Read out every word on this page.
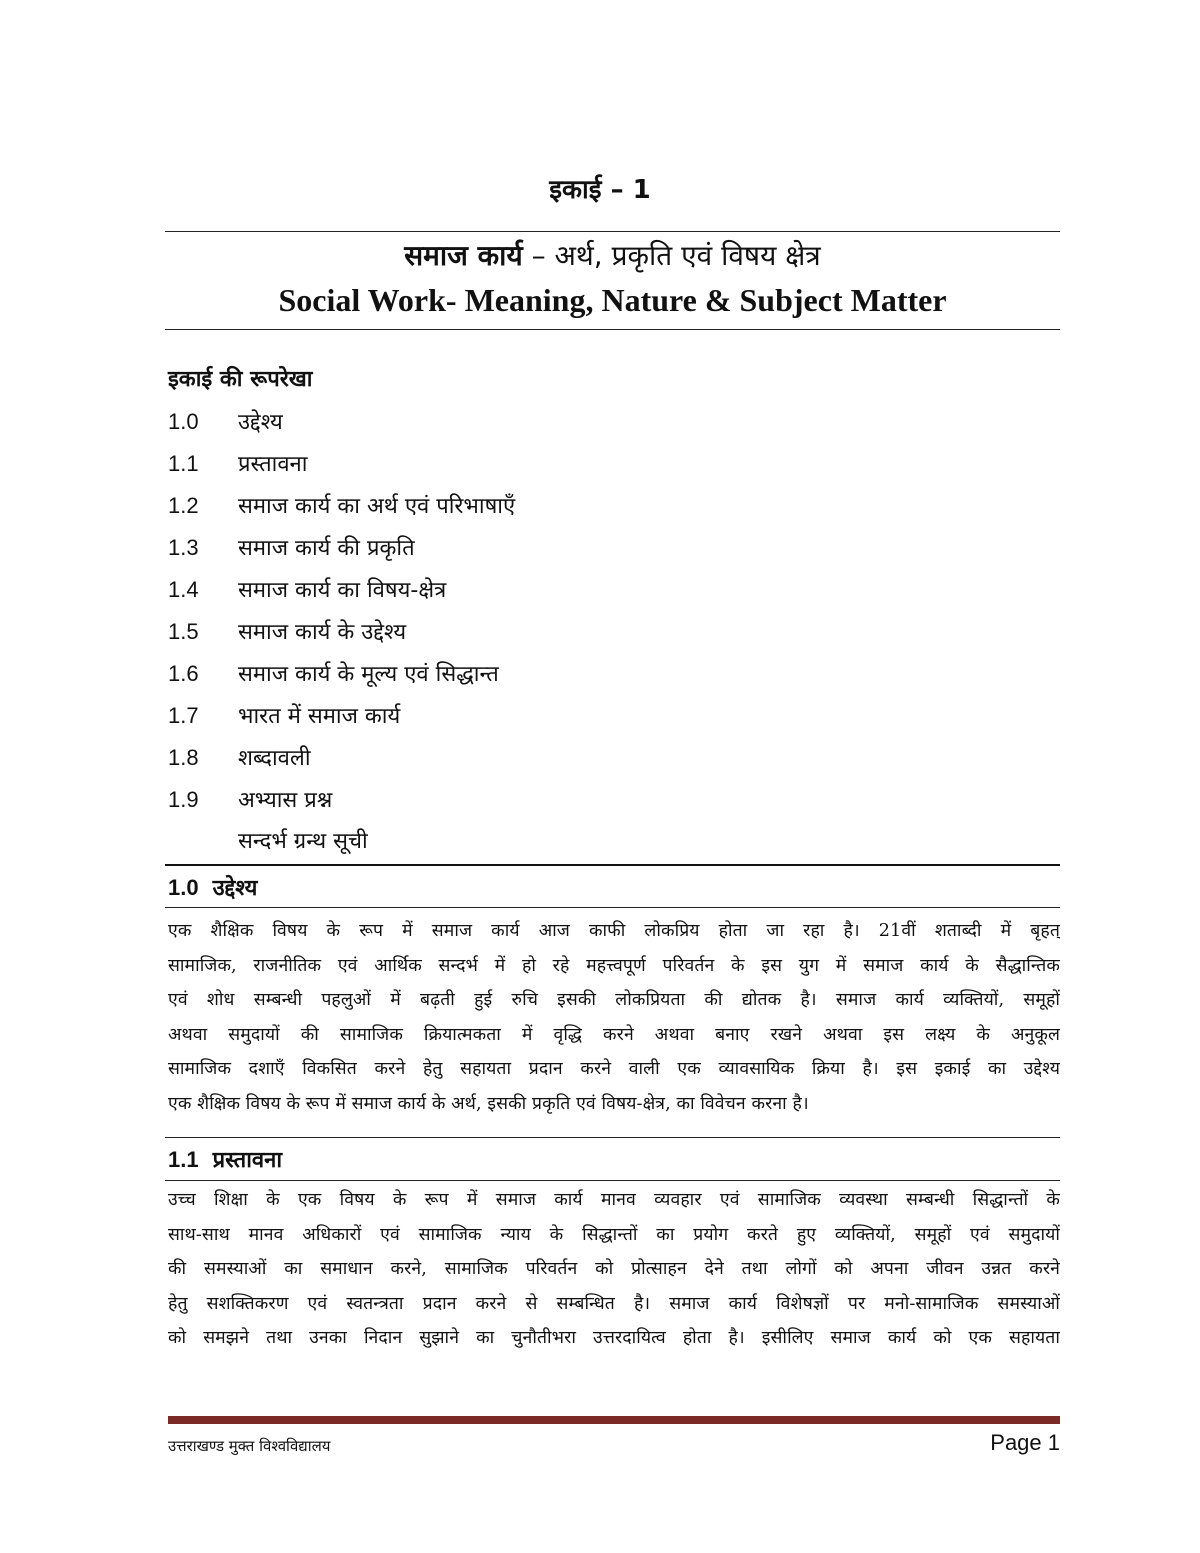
इकाई – 1
समाज कार्य – अर्थ, प्रकृति एवं विषय क्षेत्र
Social Work- Meaning, Nature & Subject Matter
इकाई की रूपरेखा
1.0 उद्देश्य
1.1 प्रस्तावना
1.2 समाज कार्य का अर्थ एवं परिभाषाएँ
1.3 समाज कार्य की प्रकृति
1.4 समाज कार्य का विषय-क्षेत्र
1.5 समाज कार्य के उद्देश्य
1.6 समाज कार्य के मूल्य एवं सिद्धान्त
1.7 भारत में समाज कार्य
1.8 शब्दावली
1.9 अभ्यास प्रश्न
सन्दर्भ ग्रन्थ सूची
1.0 उद्देश्य
एक शैक्षिक विषय के रूप में समाज कार्य आज काफी लोकप्रिय होता जा रहा है। 21वीं शताब्दी में बृहत्
सामाजिक, राजनीतिक एवं आर्थिक सन्दर्भ में हो रहे महत्त्वपूर्ण परिवर्तन के इस युग में समाज कार्य के सैद्धान्तिक
एवं शोध सम्बन्धी पहलुओं में बढ़ती हुई रुचि इसकी लोकप्रियता की द्योतक है। समाज कार्य व्यक्तियों, समूहों
अथवा समुदायों की सामाजिक क्रियात्मकता में वृद्धि करने अथवा बनाए रखने अथवा इस लक्ष्य के अनुकूल
सामाजिक दशाएँ विकसित करने हेतु सहायता प्रदान करने वाली एक व्यावसायिक क्रिया है। इस इकाई का उद्देश्य
एक शैक्षिक विषय के रूप में समाज कार्य के अर्थ, इसकी प्रकृति एवं विषय-क्षेत्र, का विवेचन करना है।
1.1 प्रस्तावना
उच्च शिक्षा के एक विषय के रूप में समाज कार्य मानव व्यवहार एवं सामाजिक व्यवस्था सम्बन्धी सिद्धान्तों के
साथ-साथ मानव अधिकारों एवं सामाजिक न्याय के सिद्धान्तों का प्रयोग करते हुए व्यक्तियों, समूहों एवं समुदायों
की समस्याओं का समाधान करने, सामाजिक परिवर्तन को प्रोत्साहन देने तथा लोगों को अपना जीवन उन्नत करने
हेतु सशक्तिकरण एवं स्वतन्त्रता प्रदान करने से सम्बन्धित है। समाज कार्य विशेषज्ञों पर मनो-सामाजिक समस्याओं
को समझने तथा उनका निदान सुझाने का चुनौतीभरा उत्तरदायित्व होता है। इसीलिए समाज कार्य को एक सहायता
उत्तराखण्ड मुक्त विश्वविद्यालय	Page 1
